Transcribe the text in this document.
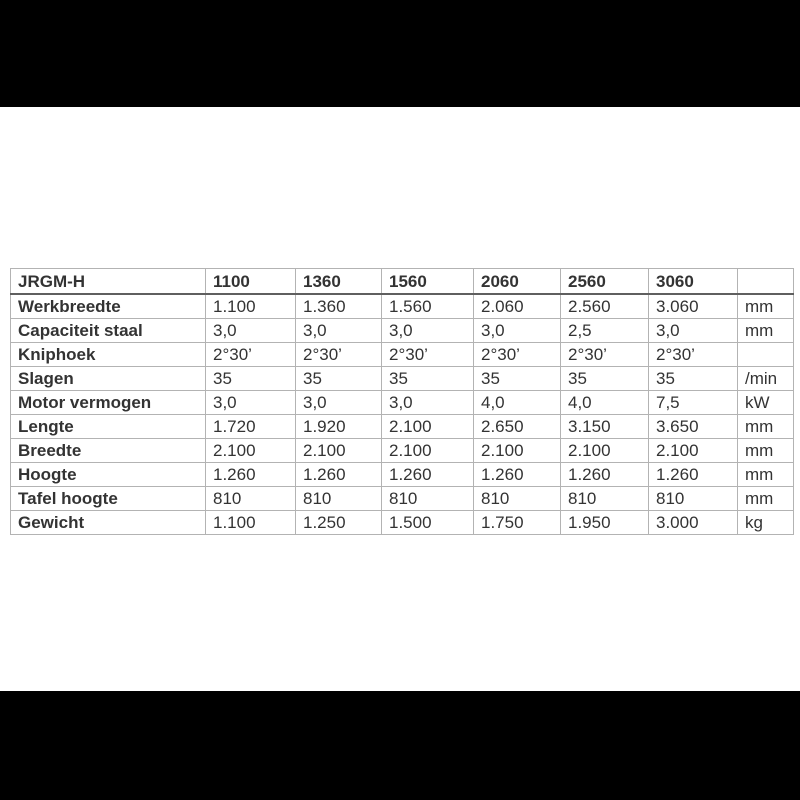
JRGM-H	1100	1360	1560	2060	2560	3060	
Werkbreedte	1.100	1.360	1.560	2.060	2.560	3.060	mm
Capaciteit staal	3,0	3,0	3,0	3,0	2,5	3,0	mm
Kniphoek	2°30’	2°30’	2°30’	2°30’	2°30’	2°30’	
Slagen	35	35	35	35	35	35	/min
Motor vermogen	3,0	3,0	3,0	4,0	4,0	7,5	kW
Lengte	1.720	1.920	2.100	2.650	3.150	3.650	mm
Breedte	2.100	2.100	2.100	2.100	2.100	2.100	mm
Hoogte	1.260	1.260	1.260	1.260	1.260	1.260	mm
Tafel hoogte	810	810	810	810	810	810	mm
Gewicht	1.100	1.250	1.500	1.750	1.950	3.000	kg
